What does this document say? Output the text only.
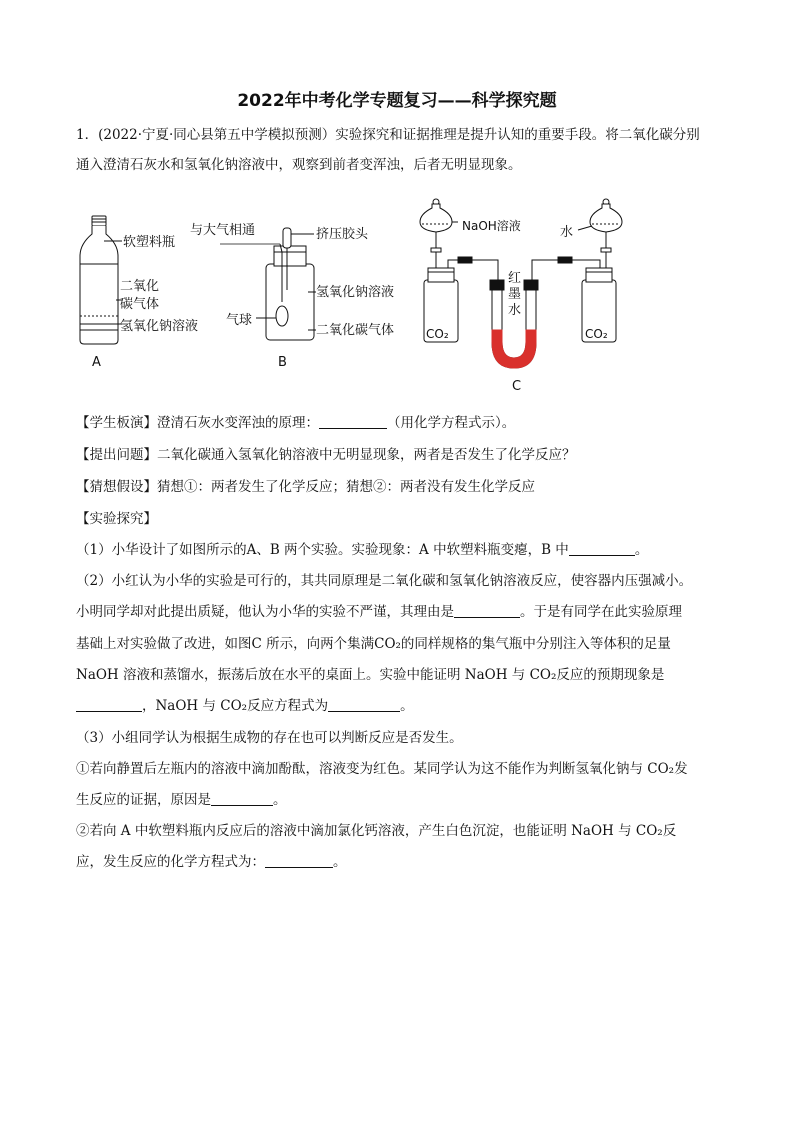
2022年中考化学专题复习——科学探究题
1．(2022·宁夏·同心县第五中学模拟预测）实验探究和证据推理是提升认知的重要手段。将二氧化碳分别
通入澄清石灰水和氢氧化钠溶液中，观察到前者变浑浊，后者无明显现象。
软塑料瓶
二氧化
碳气体
氢氧化钠溶液
A
与大气相通	挤压胶头
氢氧化钠溶液
气球
二氧化碳气体
B
NaOH溶液	水
红
墨
水
CO₂	CO₂
C
【学生板演】澄清石灰水变浑浊的原理：	（用化学方程式示）。
【提出问题】二氧化碳通入氢氧化钠溶液中无明显现象，两者是否发生了化学反应？
【猜想假设】猜想①：两者发生了化学反应；猜想②：两者没有发生化学反应
【实验探究】
（1）小华设计了如图所示的A、B 两个实验。实验现象：A 中软塑料瓶变瘪，B 中	。
（2）小红认为小华的实验是可行的，其共同原理是二氧化碳和氢氧化钠溶液反应，使容器内压强减小。
小明同学却对此提出质疑，他认为小华的实验不严谨，其理由是	。于是有同学在此实验原理
基础上对实验做了改进，如图C 所示，向两个集满CO₂的同样规格的集气瓶中分别注入等体积的足量
NaOH 溶液和蒸馏水，振荡后放在水平的桌面上。实验中能证明 NaOH 与 CO₂反应的预期现象是
，NaOH 与 CO₂反应方程式为	。
（3）小组同学认为根据生成物的存在也可以判断反应是否发生。
①若向静置后左瓶内的溶液中滴加酚酞，溶液变为红色。某同学认为这不能作为判断氢氧化钠与 CO₂发
生反应的证据，原因是	。
②若向 A 中软塑料瓶内反应后的溶液中滴加氯化钙溶液，产生白色沉淀，也能证明 NaOH 与 CO₂反
应，发生反应的化学方程式为：	。
